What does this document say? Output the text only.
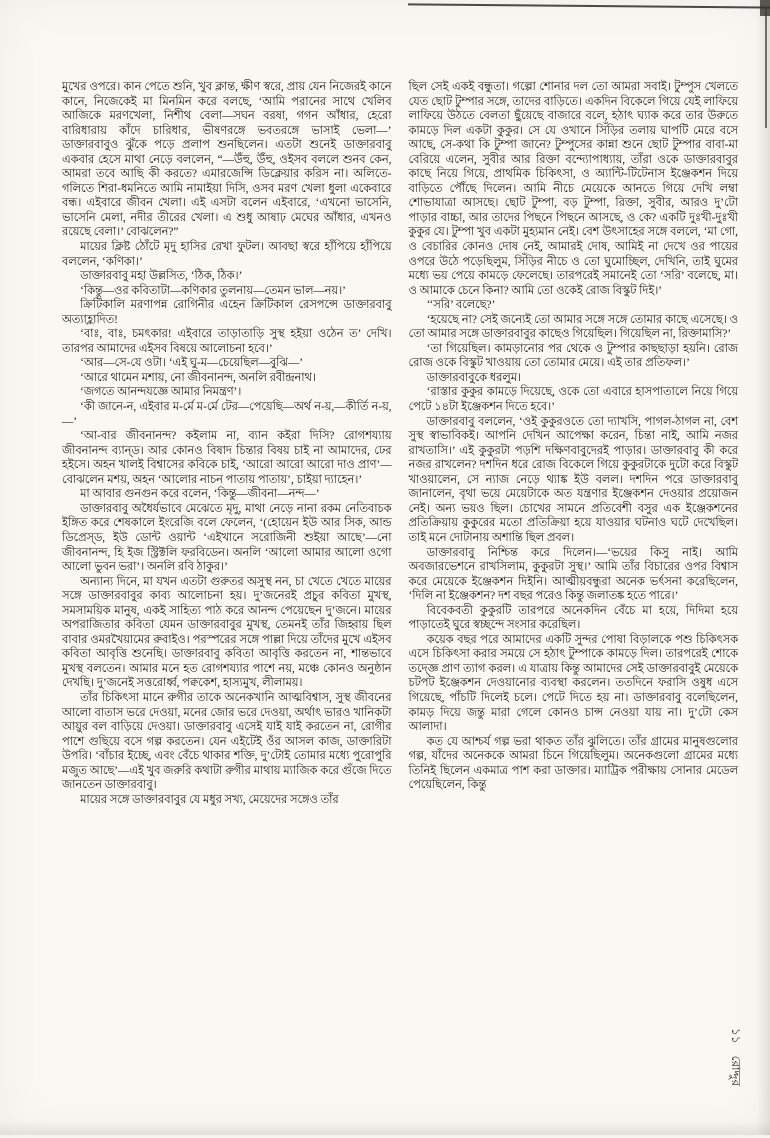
মুখের ওপরে। কান পেতে শুনি, খুব ক্লান্ত, ক্ষীণ স্বরে, প্রায় যেন নিজেরই কানে কানে, নিজেকেই মা মিনমিন করে বলছে, ‘আমি পরানের সাথে খেলিব আজিকে মরণখেলা, নিশীথ বেলা—সঘন বরষা, গগন আঁধার, হেরো বারিধারায় কাঁদে চারিধার, ভীষণরঙ্গে ভবতরঙ্গে ভাসাই ভেলা—’ ডাক্তারবাবুও ঝুঁকে পড়ে প্রলাপ শুনছিলেন। এতটা শুনেই ডাক্তারবাবু একবার হেসে মাথা নেড়ে বললেন, “—উঁহু, উঁহু, ওইসব বললে শুনব কেন, আমরা তবে আছি কী করতে? এমারজেন্সি ডিক্লেয়ার করিস না। অলিতে-গলিতে শিরা-ধমনিতে আমি নামাইয়া দিসি, ওসব মরণ খেলা ধুলা একেবারে বন্ধ। এইবারে জীবন খেলা। এই এসটা বলেন এইবারে, ‘এখনো ভাসেনি, ভাসেনি মেলা, নদীর তীরের খেলা। এ শুধু আষাঢ় মেঘের আঁধার, এখনও রয়েছে বেলা।’ বোঝলেন?”

মায়ের ক্লিষ্ট ঠোঁটে মৃদু হাসির রেখা ফুটল। আবছা স্বরে হাঁপিয়ে হাঁপিয়ে বললেন, ‘কণিকা।’

ডাক্তারবাবু মহা উল্লসিত, ‘ঠিক, ঠিক।’

‘কিন্তু—ওর কবিতাটা—কণিকার তুলনায়—তেমন ভাল—নয়।’

ক্রিটিকালি মরণাপন্ন রোগিনীর এহেন ক্রিটিকাল রেসপন্সে ডাক্তারবাবু অত্যাহ্লাদিত!

‘বাঃ, বাঃ, চমৎকার! এইবারে তাড়াতাড়ি সুস্থ হইয়া ওঠেন ত’ দেখি। তারপর আমাদের এইসব বিষয়ে আলোচনা হবে।’

‘আর—সে-যে ওটা। ‘এই ঘু-ম—চেয়েছিল—বুঝি—’

‘আরে থামেন মশায়, নো জীবনানন্দ, অনলি রবীন্দ্রনাথ।

‘জগতে আনন্দযজ্ঞে আমার নিমন্ত্রণ’।

‘কী জানে-ন, এইবার ম-র্মে ম-র্মে টের—পেয়েছি—অর্থ ন-য়,—কীর্তি ন-য়,—’

‘আ-বার জীবনানন্দ? কইলাম না, ব্যান কইরা দিসি? রোগশয্যায় জীবনানন্দ ব্যান্‌ড। আর কোনও বিষাদ চিন্তার বিষয় চাই না আমাদের, ঢের হইসে। অহন খালই বিশ্বাসের কবিকে চাই, ‘আরো আরো আরো দাও প্রাণ’—বোঝলেন মশয়, অহন ‘আলোর নাচন পাতায় পাতায়’, চাইয়া দ্যাহেন।’

মা আবার গুনগুন করে বলেন, ‘কিন্তু—জীবনা—নন্দ—’

ডাক্তারবাবু অধৈর্যভাবে মেঝেতে মৃদু, মাথা নেড়ে নানা রকম নেতিবাচক ইঙ্গিত করে শেষকালে ইংরেজি বলে ফেলেন, ‘(হোয়েন ইউ আর সিক, আন্ড ডিপ্রেস্ড, ইউ ডোন্ট ওয়ান্ট ‘এইখানে সরোজিনী শুইয়া আছে’—নো জীবনানন্দ, হি ইজ স্ট্রিক্টলি ফরবিডেন। অনলি ‘আলো আমার আলো ওগো আলো ভুবন ভরা’। অনলি রবি ঠাকুর।’

অন্যান্য দিনে, মা যখন এতটা গুরুতর অসুস্থ নন, চা খেতে খেতে মায়ের সঙ্গে ডাক্তারবাবুর কাব্য আলোচনা হয়। দু’জনেরই প্রচুর কবিতা মুখস্থ, সমসাময়িক মানুষ, একই সাহিত্য পাঠ করে আনন্দ পেয়েছেন দু’জনে। মায়ের অপরাজিতার কবিতা যেমন ডাক্তারবাবুর মুখস্থ, তেমনই তাঁর জিহ্বায় ছিল বাবার ওমরখৈয়ামের রুবাইও। পরস্পরের সঙ্গে পাল্লা দিয়ে তাঁদের মুখে এইসব কবিতা আবৃত্তি শুনেছি। ডাক্তারবাবু কবিতা আবৃত্তি করতেন না, শান্তভাবে মুখস্থ বলতেন। আমার মনে হত রোগশয্যার পাশে নয়, মঞ্চে কোনও অনুষ্ঠান দেখছি। দু’জনেই সত্তরোর্ধ্ব, পক্বকেশ, হাস্যমুখ, লীলাময়।

তাঁর চিকিৎসা মানে রুগীর তাকে অনেকখানি আত্মবিশ্বাস, সুস্থ জীবনের আলো বাতাস ভরে দেওয়া, মনের জোর ভরে দেওয়া, অর্থাৎ ভারও খানিকটা আয়ুর বল বাড়িয়ে দেওয়া। ডাক্তারবাবু এসেই যাই যাই করতেন না, রোগীর পাশে গুছিয়ে বসে গল্প করতেন। যেন এইটেই ওঁর আসল কাজ, ডাক্তারিটা উপরি। ‘বাঁচার ইচ্ছে, এবং বেঁচে থাকার শক্তি, দু’টোই তোমার মধ্যে পুরোপুরি মজুত আছে’—এই খুব জরুরি কথাটা রুগীর মাথায় ম্যাজিক করে গুঁজে দিতে জানতেন ডাক্তারবাবু।

মায়ের সঙ্গে ডাক্তারবাবুর যে মধুর সখ্য, মেয়েদের সঙ্গেও তাঁর

ছিল সেই একই বন্ধুতা। গল্পো শোনার দল তো আমরা সবাই। টুম্পুস খেলতে যেত ছোট টুম্পার সঙ্গে, তাদের বাড়িতে। একদিন বিকেলে গিয়ে যেই লাফিয়ে লাফিয়ে উঠতে বেলতা ছুঁয়েছে বাজারে বলে, হঠাৎ ঘ্যাক করে তার উরুতে কামড়ে দিল একটা কুকুর। সে যে ওখানে সিঁড়ির তলায় ঘাপটি মেরে বসে আছে, সে-কথা কি টুম্পা জানে? টুম্পুসের কান্না শুনে ছোট টুম্পার বাবা-মা বেরিয়ে এলেন, সুবীর আর রিক্তা বন্দ্যোপাধ্যায়, তাঁরা ওকে ডাক্তারবাবুর কাছে নিয়ে গিয়ে, প্রাথমিক চিকিৎসা, ও অ্যান্টি-টিটেনাস ইঞ্জেকশন দিয়ে বাড়িতে পৌঁছে দিলেন। আমি নীচে মেয়েকে আনতে গিয়ে দেখি লম্বা শোভাযাত্রা আসছে। ছোট টুম্পা, বড় টুম্পা, রিক্তা, সুবীর, আরও দু’টো পাড়ার বাচ্চা, আর তাদের পিছনে পিছনে আসছে, ও কে? একটি দুঃখী-দুঃখী কুকুর যে। টুম্পা খুব একটা মুহ্যমান নেই। বেশ উৎসাহের সঙ্গে বললে, ‘মা গো, ও বেচারির কোনও দোষ নেই, আমারই দোষ, আমিই না দেখে ওর পায়ের ওপরে উঠে পড়েছিলুম, সিঁড়ির নীচে ও তো ঘুমোচ্ছিল, দেখিনি, তাই ঘুমের মধ্যে ভয় পেয়ে কামড়ে ফেলেছে। তারপরেই সমানেই তো ‘সরি’ বলেছে, মা। ও আমাকে চেনে কিনা? আমি তো ওকেই রোজ বিস্কুট দিই।’

‘‘সরি’ বলেছে?’

‘হয়েছে না? সেই জন্যেই তো আমার সঙ্গে সঙ্গে তোমার কাছে এসেছে। ও তো আমার সঙ্গে ডাক্তারবাবুর কাছেও গিয়েছিল। গিয়েছিল না, রিক্তামাসি?’

‘তা গিয়েছিল। কামড়ানোর পর থেকে ও টুম্পার কাছছাড়া হয়নি। রোজ রোজ ওকে বিস্কুট খাওয়ায় তো তোমার মেয়ে। এই তার প্রতিফল।’

ডাক্তারবাবুকে ধরলুম।

‘রাস্তার কুকুর কামড়ে দিয়েছে, ওকে তো এবারে হাসপাতালে নিয়ে গিয়ে পেটে ১৪টা ইঞ্জেকশন দিতে হবে।’

ডাক্তারবাবু বললেন, ‘ওই কুকুরওতে তো দ্যাখসি, পাগল-ঠাগল না, বেশ সুস্থ স্বাভাবিকই। আপনি দেখিন আপেক্ষা করেন, চিন্তা নাই, আমি নজর রাখতাসি।’ এই কুকুরটা পড়শি দক্ষিণবাবুদেরই পাড়ার। ডাক্তারবাবু কী করে নজর রাখলেন? দশদিন ধরে রোজ বিকেলে গিয়ে কুকুরটাকে দুটো করে বিস্কুট খাওয়ালেন, সে ন্যাজ নেড়ে থ্যাঙ্ক ইউ বলল। দশদিন পরে ডাক্তারবাবু জানালেন, বৃথা ভয়ে মেয়েটাকে অত যন্ত্রণার ইঞ্জেকশন দেওয়ার প্রয়োজন নেই। অন্য ভয়ও ছিল। চোখের সামনে প্রতিবেশী বসুর এক ইঞ্জেকশনের প্রতিক্রিয়ায় কুকুরের মতো প্রতিক্রিয়া হয়ে যাওয়ার ঘটনাও ঘটে দেখেছিল। তাই মনে দোটানায় অশান্তি ছিল প্রবল।

ডাক্তারবাবু নিশ্চিন্ত করে দিলেন।—‘ভয়ের কিসু নাই। আমি অবজারভেশনে রাখসিলাম, কুকুরটা সুস্থ।’ আমি তাঁর বিচারের ওপর বিশ্বাস করে মেয়েকে ইঞ্জেকশন দিইনি। আত্মীয়বন্ধুরা অনেক ভর্ৎসনা করেছিলেন, ‘দিলি না ইঞ্জেকশন? দশ বছর পরেও কিন্তু জলাতঙ্ক হতে পারে।’

বিবেকবতী কুকুরটি তারপরে অনেকদিন বেঁচে মা হয়ে, দিদিমা হয়ে পাড়াতেই ঘুরে স্বচ্ছন্দে সংসার করেছিল।

কয়েক বছর পরে আমাদের একটি সুন্দর পোষা বিড়ালকে পশু চিকিৎসক এসে চিকিৎসা করার সময়ে সে হঠাৎ টুম্পাকে কামড়ে দিল। তারপরেই শোকে তদ্জ্ঞে প্রাণ ত্যাগ করল। এ যাত্রায় কিন্তু আমাদের সেই ডাক্তারবাবুই মেয়েকে চটপট ইঞ্জেকশন দেওয়ানোর ব্যবস্থা করলেন। ততদিনে ফরাসি ওষুধ এসে গিয়েছে, পাঁচটি দিলেই চলে। পেটে দিতে হয় না। ডাক্তারবাবু বলেছিলেন, কামড় দিয়ে জন্তু মারা গেলে কোনও চান্স নেওয়া যায় না। দু’টো কেস আলাদা।

কত যে আশ্চর্য গল্প ভরা থাকত তাঁর ঝুলিতে। তাঁর গ্রামের মানুষগুলোর গল্প, যাঁদের অনেককে আমরা চিনে গিয়েছিলুম। অনেকগুলো গ্রামের মধ্যে তিনিই ছিলেন একমাত্র পাশ করা ডাক্তার। ম্যাট্রিক পরীক্ষায় সোনার মেডেল পেয়েছিলেন, কিন্তু

১১
রোদ্দুর
